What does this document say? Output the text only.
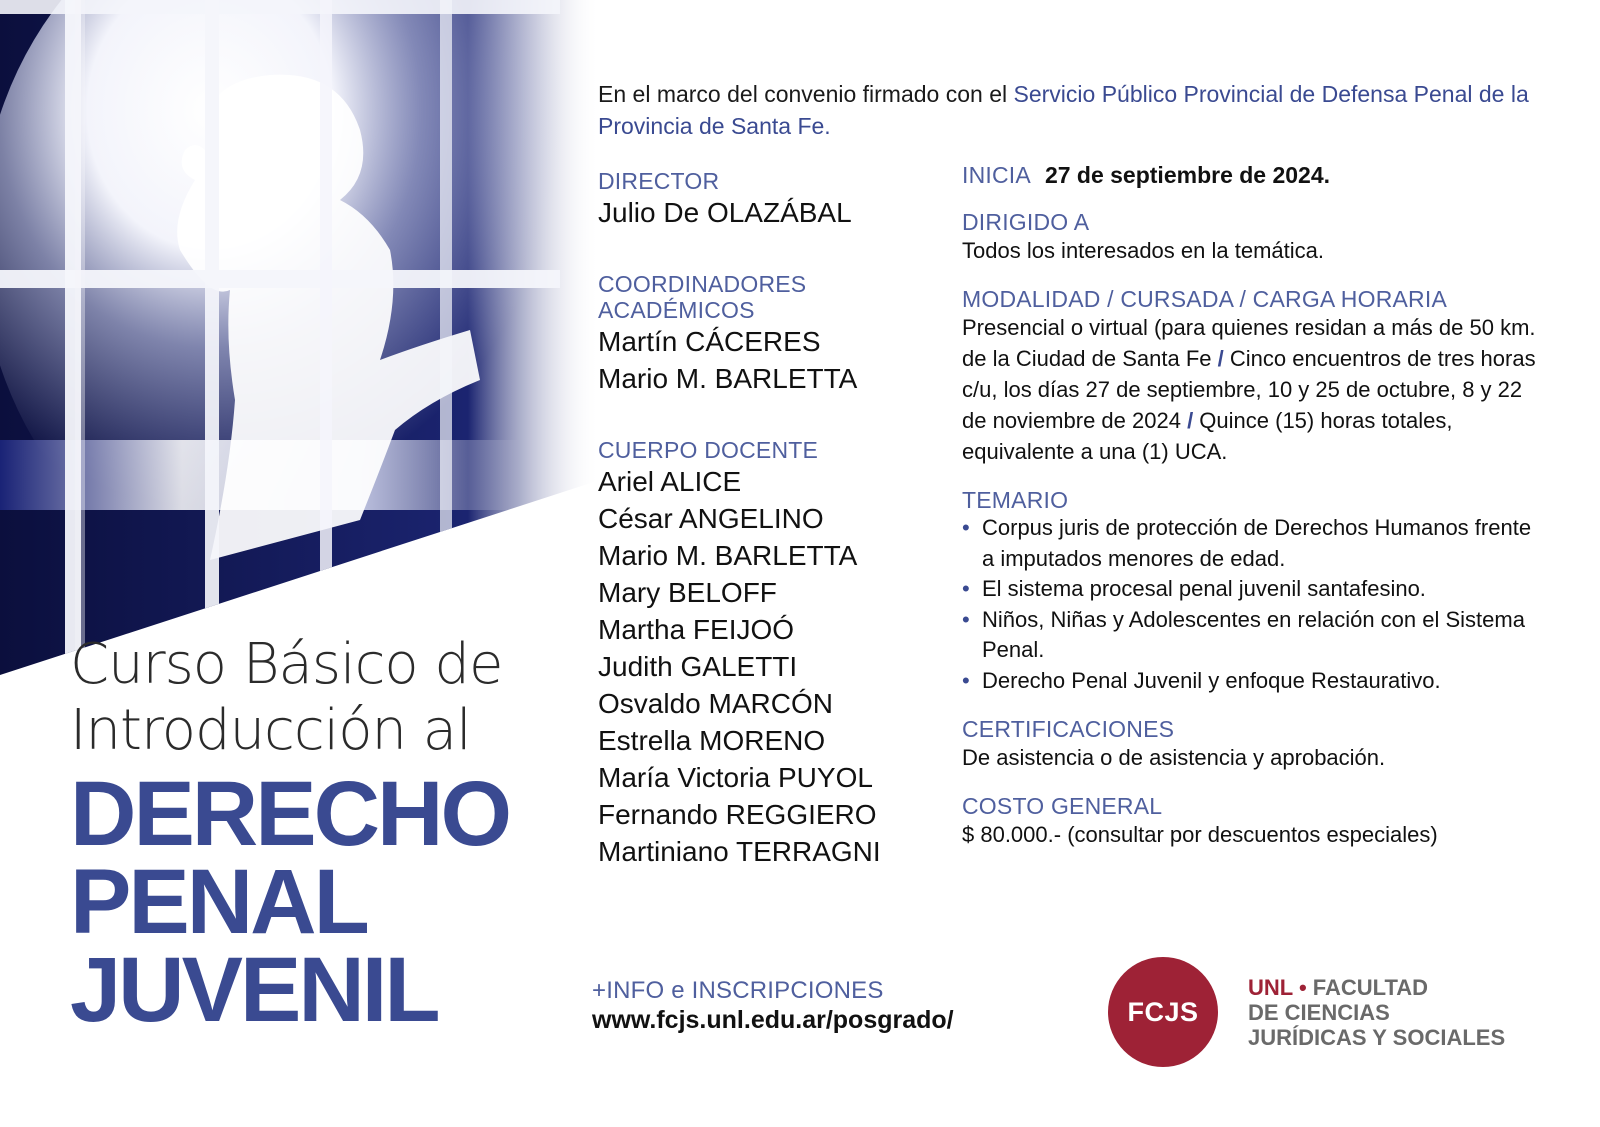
Curso Básico de
Introducción al
DERECHO
PENAL
JUVENIL

En el marco del convenio firmado con el Servicio Público Provincial de Defensa Penal de la Provincia de Santa Fe.

DIRECTOR
Julio De OLAZÁBAL
COORDINADORES
ACADÉMICOS
Martín CÁCERES
Mario M. BARLETTA
CUERPO DOCENTE
Ariel ALICE
César ANGELINO
Mario M. BARLETTA
Mary BELOFF
Martha FEIJOÓ
Judith GALETTI
Osvaldo MARCÓN
Estrella MORENO
María Victoria PUYOL
Fernando REGGIERO
Martiniano TERRAGNI
INICIA 27 de septiembre de 2024.
DIRIGIDO A
Todos los interesados en la temática.
MODALIDAD / CURSADA / CARGA HORARIA

Presencial o virtual (para quienes residan a más de 50 km. de la Ciudad de Santa Fe / Cinco encuentros de tres horas c/u, los días 27 de septiembre, 10 y 25 de octubre, 8 y 22 de noviembre de 2024 / Quince (15) horas totales, equivalente a una (1) UCA.

TEMARIO
• Corpus juris de protección de Derechos Humanos frente a imputados menores de edad.
• El sistema procesal penal juvenil santafesino.
• Niños, Niñas y Adolescentes en relación con el Sistema Penal.
• Derecho Penal Juvenil y enfoque Restaurativo.
CERTIFICACIONES
De asistencia o de asistencia y aprobación.
COSTO GENERAL
$ 80.000.- (consultar por descuentos especiales)
+INFO e INSCRIPCIONES
www.fcjs.unl.edu.ar/posgrado/	FCJS
UNL • FACULTAD
DE CIENCIAS
JURÍDICAS Y SOCIALES
